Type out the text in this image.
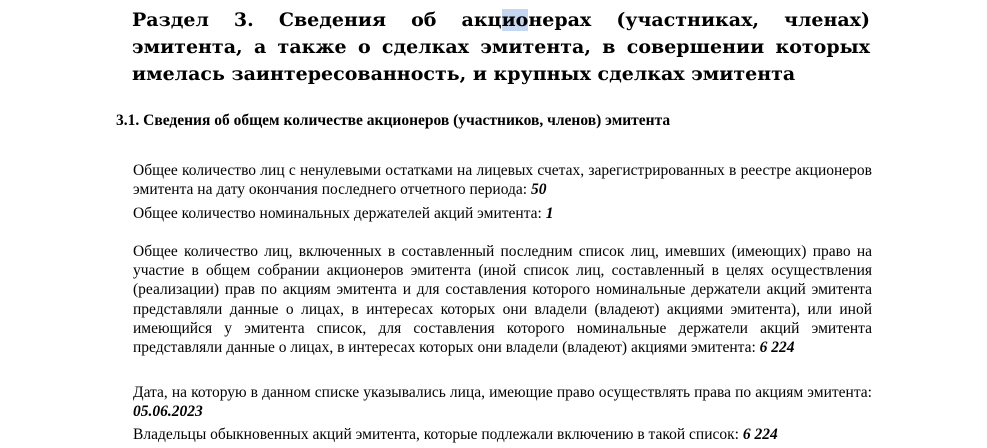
Раздел 3. Сведения об акционерах (участниках, членах) эмитента, а также о сделках эмитента, в совершении которых имелась заинтересованность, и крупных сделках эмитента
3.1. Сведения об общем количестве акционеров (участников, членов) эмитента

Общее количество лиц с ненулевыми остатками на лицевых счетах, зарегистрированных в реестре акционеров эмитента на дату окончания последнего отчетного периода: 50

Общее количество номинальных держателей акций эмитента: 1

Общее количество лиц, включенных в составленный последним список лиц, имевших (имеющих) право на участие в общем собрании акционеров эмитента (иной список лиц, составленный в целях осуществления (реализации) прав по акциям эмитента и для составления которого номинальные держатели акций эмитента представляли данные о лицах, в интересах которых они владели (владеют) акциями эмитента), или иной имеющийся у эмитента список, для составления которого номинальные держатели акций эмитента представляли данные о лицах, в интересах которых они владели (владеют) акциями эмитента: 6 224

Дата, на которую в данном списке указывались лица, имеющие право осуществлять права по акциям эмитента: 05.06.2023

Владельцы обыкновенных акций эмитента, которые подлежали включению в такой список: 6 224
